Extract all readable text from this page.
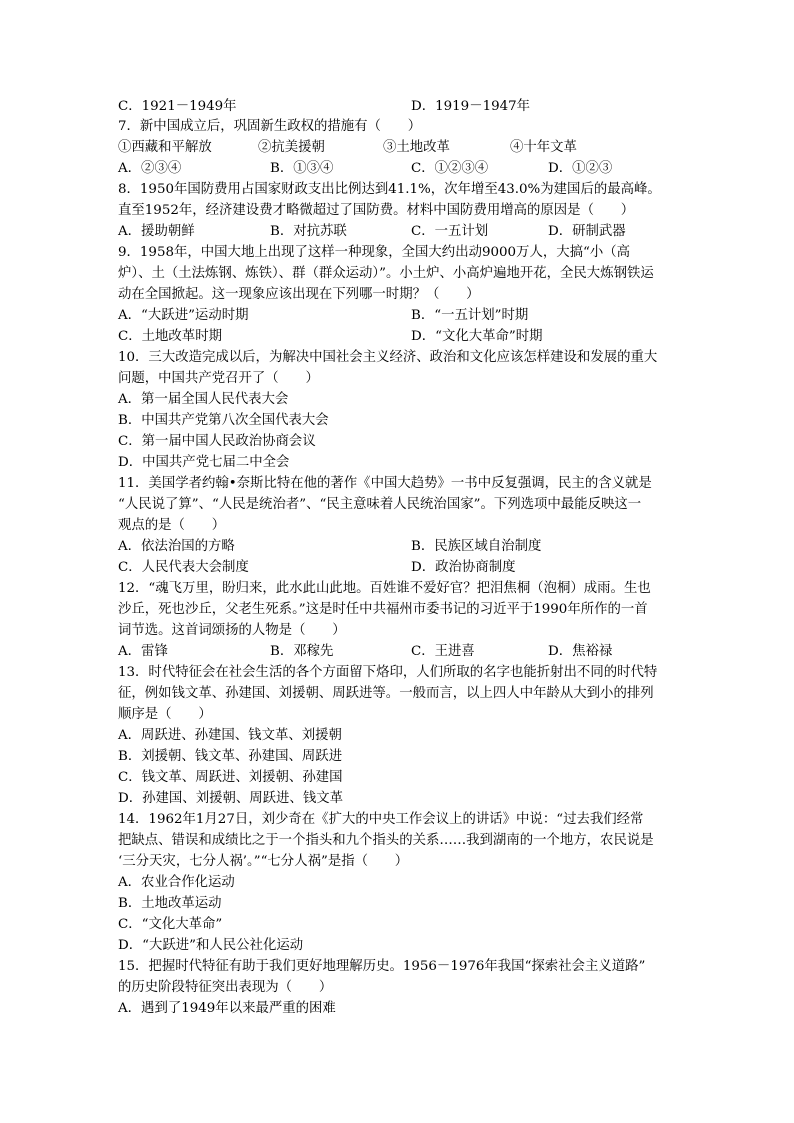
C．1921－1949年	D．1919－1947年
7．新中国成立后，巩固新生政权的措施有（　　）
①西藏和平解放	②抗美援朝	③土地改革	④十年文革
A．②③④	B．①③④	C．①②③④	D．①②③
8．1950年国防费用占国家财政支出比例达到41.1%，次年增至43.0%为建国后的最高峰。
直至1952年，经济建设费才略微超过了国防费。材料中国防费用增高的原因是（　　）
A．援助朝鲜	B．对抗苏联	C．一五计划	D．研制武器
9．1958年，中国大地上出现了这样一种现象，全国大约出动9000万人，大搞“小（高
炉）、土（土法炼钢、炼铁）、群（群众运动）”。小土炉、小高炉遍地开花，全民大炼钢铁运
动在全国掀起。这一现象应该出现在下列哪一时期？（　　）
A．“大跃进”运动时期	B．“一五计划”时期
C．土地改革时期	D．“文化大革命”时期
10．三大改造完成以后，为解决中国社会主义经济、政治和文化应该怎样建设和发展的重大
问题，中国共产党召开了（　　）
A．第一届全国人民代表大会
B．中国共产党第八次全国代表大会
C．第一届中国人民政治协商会议
D．中国共产党七届二中全会
11．美国学者约翰•奈斯比特在他的著作《中国大趋势》一书中反复强调，民主的含义就是
“人民说了算”、“人民是统治者”、“民主意味着人民统治国家”。下列选项中最能反映这一
观点的是（　　）
A．依法治国的方略	B．民族区域自治制度
C．人民代表大会制度	D．政治协商制度
12．“魂飞万里，盼归来，此水此山此地。百姓谁不爱好官？把泪焦桐（泡桐）成雨。生也
沙丘，死也沙丘，父老生死系。”这是时任中共福州市委书记的习近平于1990年所作的一首
词节选。这首词颂扬的人物是（　　）
A．雷锋	B．邓稼先	C．王进喜	D．焦裕禄
13．时代特征会在社会生活的各个方面留下烙印，人们所取的名字也能折射出不同的时代特
征，例如钱文革、孙建国、刘援朝、周跃进等。一般而言，以上四人中年龄从大到小的排列
顺序是（　　）
A．周跃进、孙建国、钱文革、刘援朝
B．刘援朝、钱文革、孙建国、周跃进
C．钱文革、周跃进、刘援朝、孙建国
D．孙建国、刘援朝、周跃进、钱文革
14．1962年1月27日，刘少奇在《扩大的中央工作会议上的讲话》中说：“过去我们经常
把缺点、错误和成绩比之于一个指头和九个指头的关系……我到湖南的一个地方，农民说是
‘三分天灾，七分人祸’。”“七分人祸”是指（　　）
A．农业合作化运动
B．土地改革运动
C．“文化大革命”
D．“大跃进”和人民公社化运动
15．把握时代特征有助于我们更好地理解历史。1956－1976年我国“探索社会主义道路”
的历史阶段特征突出表现为（　　）
A．遇到了1949年以来最严重的困难
